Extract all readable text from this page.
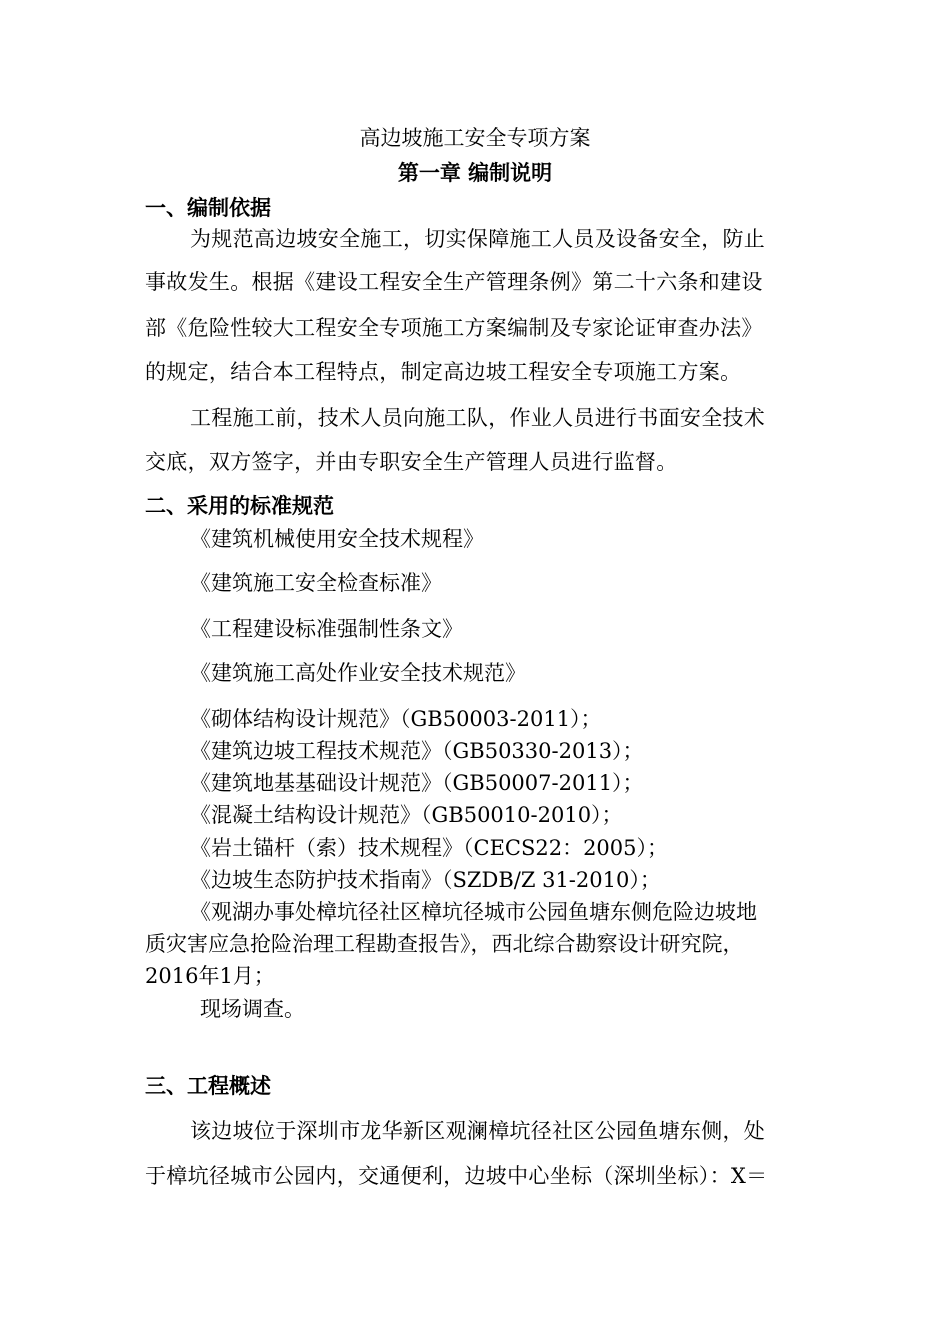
高边坡施工安全专项方案
第一章 编制说明
一、编制依据
为规范高边坡安全施工，切实保障施工人员及设备安全，防止
事故发生。根据《建设工程安全生产管理条例》第二十六条和建设
部《危险性较大工程安全专项施工方案编制及专家论证审查办法》
的规定，结合本工程特点，制定高边坡工程安全专项施工方案。
工程施工前，技术人员向施工队，作业人员进行书面安全技术
交底，双方签字，并由专职安全生产管理人员进行监督。
二、采用的标准规范
《建筑机械使用安全技术规程》
《建筑施工安全检查标准》
《工程建设标准强制性条文》
《建筑施工高处作业安全技术规范》
《砌体结构设计规范》（GB50003-2011）；
《建筑边坡工程技术规范》（GB50330-2013）；
《建筑地基基础设计规范》（GB50007-2011）；
《混凝土结构设计规范》（GB50010-2010）；
《岩土锚杆（索）技术规程》（CECS22：2005）；
《边坡生态防护技术指南》（SZDB/Z 31-2010）；
《观湖办事处樟坑径社区樟坑径城市公园鱼塘东侧危险边坡地
质灾害应急抢险治理工程勘查报告》，西北综合勘察设计研究院，
2016年1月；
现场调查。
三、工程概述
该边坡位于深圳市龙华新区观澜樟坑径社区公园鱼塘东侧，处
于樟坑径城市公园内，交通便利，边坡中心坐标（深圳坐标）：X＝
